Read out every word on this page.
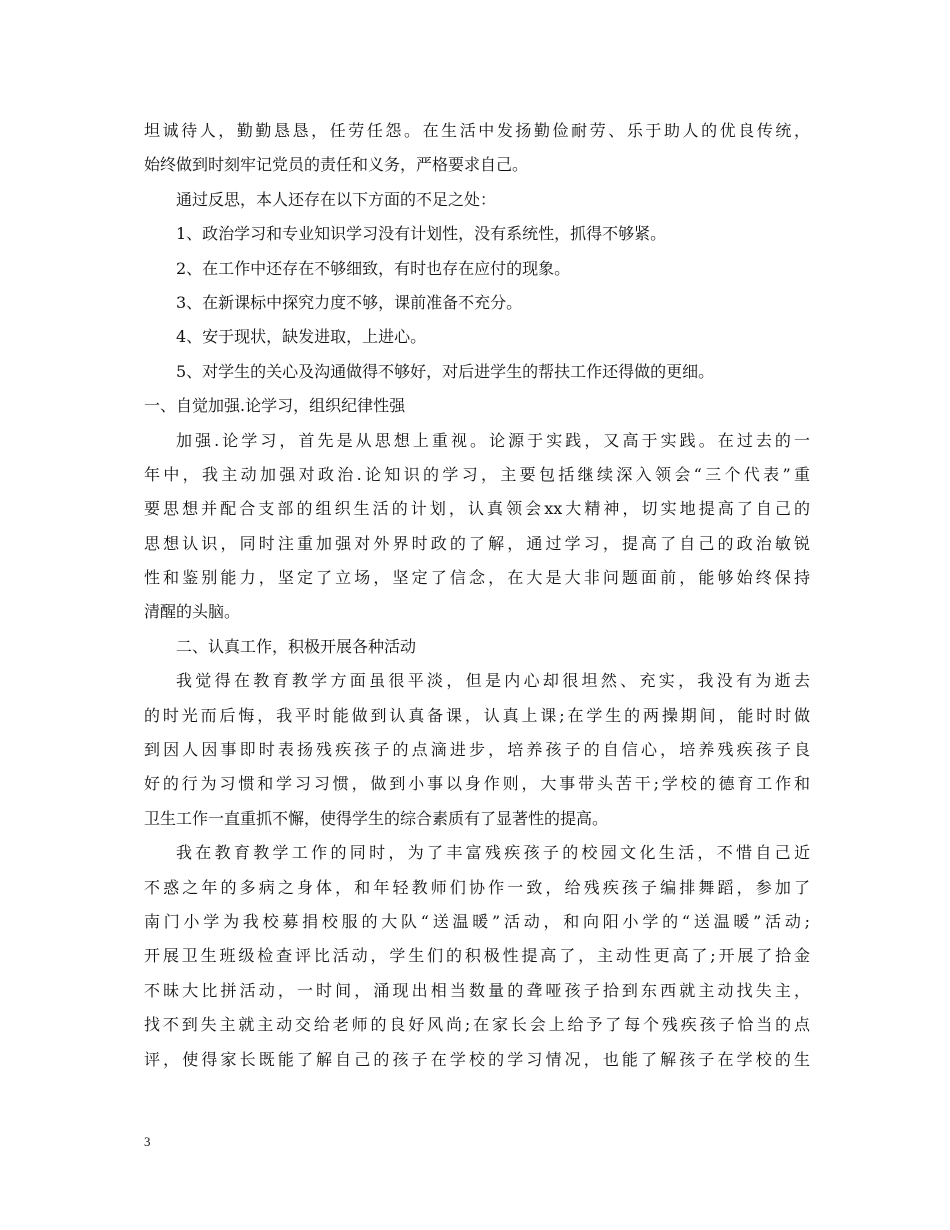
坦诚待人，勤勤恳恳，任劳任怨。在生活中发扬勤俭耐劳、乐于助人的优良传统，
始终做到时刻牢记党员的责任和义务，严格要求自己。
通过反思，本人还存在以下方面的不足之处：
1、政治学习和专业知识学习没有计划性，没有系统性，抓得不够紧。
2、在工作中还存在不够细致，有时也存在应付的现象。
3、在新课标中探究力度不够，课前准备不充分。
4、安于现状，缺发进取，上进心。
5、对学生的关心及沟通做得不够好，对后进学生的帮扶工作还得做的更细。
一、自觉加强.论学习，组织纪律性强
加强.论学习，首先是从思想上重视。论源于实践，又高于实践。在过去的一
年中，我主动加强对政治.论知识的学习，主要包括继续深入领会“三个代表”重
要思想并配合支部的组织生活的计划，认真领会xx大精神，切实地提高了自己的
思想认识，同时注重加强对外界时政的了解，通过学习，提高了自己的政治敏锐
性和鉴别能力，坚定了立场，坚定了信念，在大是大非问题面前，能够始终保持
清醒的头脑。
二、认真工作，积极开展各种活动
我觉得在教育教学方面虽很平淡，但是内心却很坦然、充实，我没有为逝去
的时光而后悔，我平时能做到认真备课，认真上课;在学生的两操期间，能时时做
到因人因事即时表扬残疾孩子的点滴进步，培养孩子的自信心，培养残疾孩子良
好的行为习惯和学习习惯，做到小事以身作则，大事带头苦干;学校的德育工作和
卫生工作一直重抓不懈，使得学生的综合素质有了显著性的提高。
我在教育教学工作的同时，为了丰富残疾孩子的校园文化生活，不惜自己近
不惑之年的多病之身体，和年轻教师们协作一致，给残疾孩子编排舞蹈，参加了
南门小学为我校募捐校服的大队“送温暖”活动，和向阳小学的“送温暖”活动;
开展卫生班级检查评比活动，学生们的积极性提高了，主动性更高了;开展了拾金
不昧大比拼活动，一时间，涌现出相当数量的聋哑孩子拾到东西就主动找失主，
找不到失主就主动交给老师的良好风尚;在家长会上给予了每个残疾孩子恰当的点
评，使得家长既能了解自己的孩子在学校的学习情况，也能了解孩子在学校的生
3
